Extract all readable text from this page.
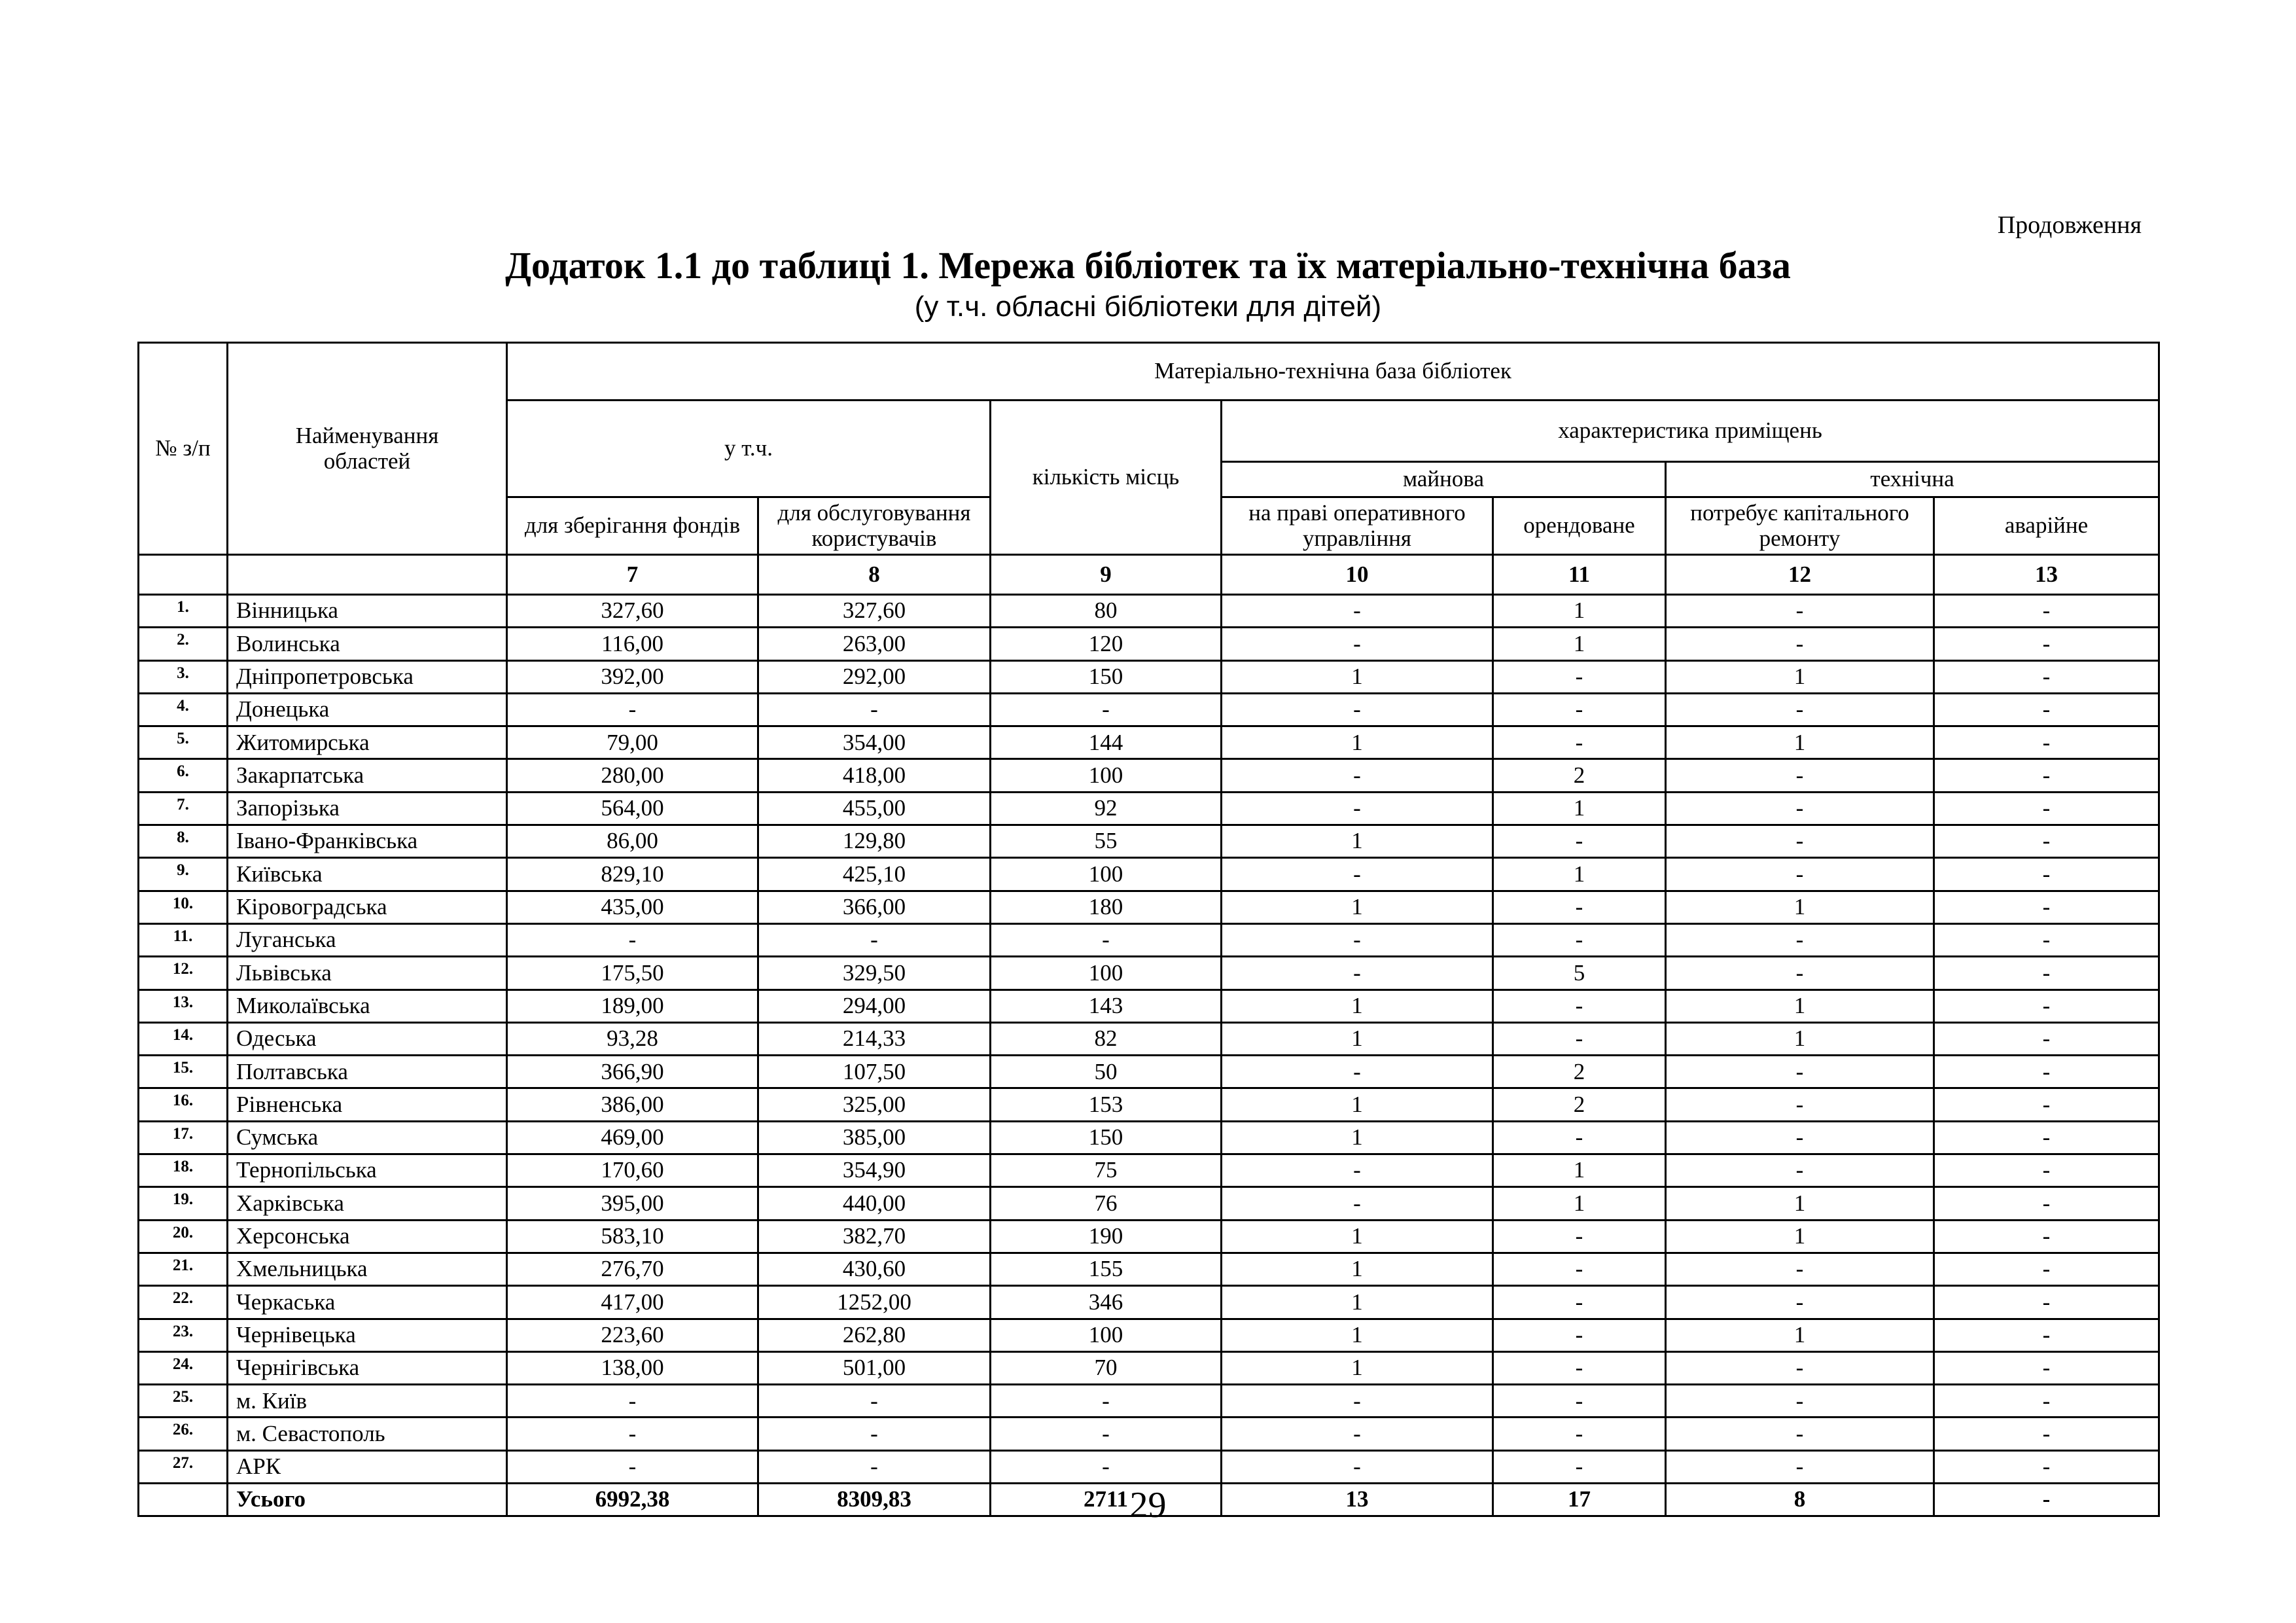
Продовження
Додаток 1.1 до таблиці 1. Мережа бібліотек та їх матеріально-технічна база
(у т.ч. обласні бібліотеки для дітей)
№ з/п	Найменування областей	Матеріально-технічна база бібліотек						
		у т.ч.		кількість місць	характеристика приміщень			
					майнова		технічна	
		для зберігання фондів	для обслуговування користувачів		на праві оперативного управління	орендоване	потребує капітального ремонту	аварійне
		7	8	9	10	11	12	13
1.	Вінницька	327,60	327,60	80	-	1	-	-
2.	Волинська	116,00	263,00	120	-	1	-	-
3.	Дніпропетровська	392,00	292,00	150	1	-	1	-
4.	Донецька	-	-	-	-	-	-	-
5.	Житомирська	79,00	354,00	144	1	-	1	-
6.	Закарпатська	280,00	418,00	100	-	2	-	-
7.	Запорізька	564,00	455,00	92	-	1	-	-
8.	Івано-Франківська	86,00	129,80	55	1	-	-	-
9.	Київська	829,10	425,10	100	-	1	-	-
10.	Кіровоградська	435,00	366,00	180	1	-	1	-
11.	Луганська	-	-	-	-	-	-	-
12.	Львівська	175,50	329,50	100	-	5	-	-
13.	Миколаївська	189,00	294,00	143	1	-	1	-
14.	Одеська	93,28	214,33	82	1	-	1	-
15.	Полтавська	366,90	107,50	50	-	2	-	-
16.	Рівненська	386,00	325,00	153	1	2	-	-
17.	Сумська	469,00	385,00	150	1	-	-	-
18.	Тернопільська	170,60	354,90	75	-	1	-	-
19.	Харківська	395,00	440,00	76	-	1	1	-
20.	Херсонська	583,10	382,70	190	1	-	1	-
21.	Хмельницька	276,70	430,60	155	1	-	-	-
22.	Черкаська	417,00	1252,00	346	1	-	-	-
23.	Чернівецька	223,60	262,80	100	1	-	1	-
24.	Чернігівська	138,00	501,00	70	1	-	-	-
25.	м. Київ	-	-	-	-	-	-	-
26.	м. Севастополь	-	-	-	-	-	-	-
27.	АРК	-	-	-	-	-	-	-
	Усього	6992,38	8309,83	2711	13	17	8	-
29
